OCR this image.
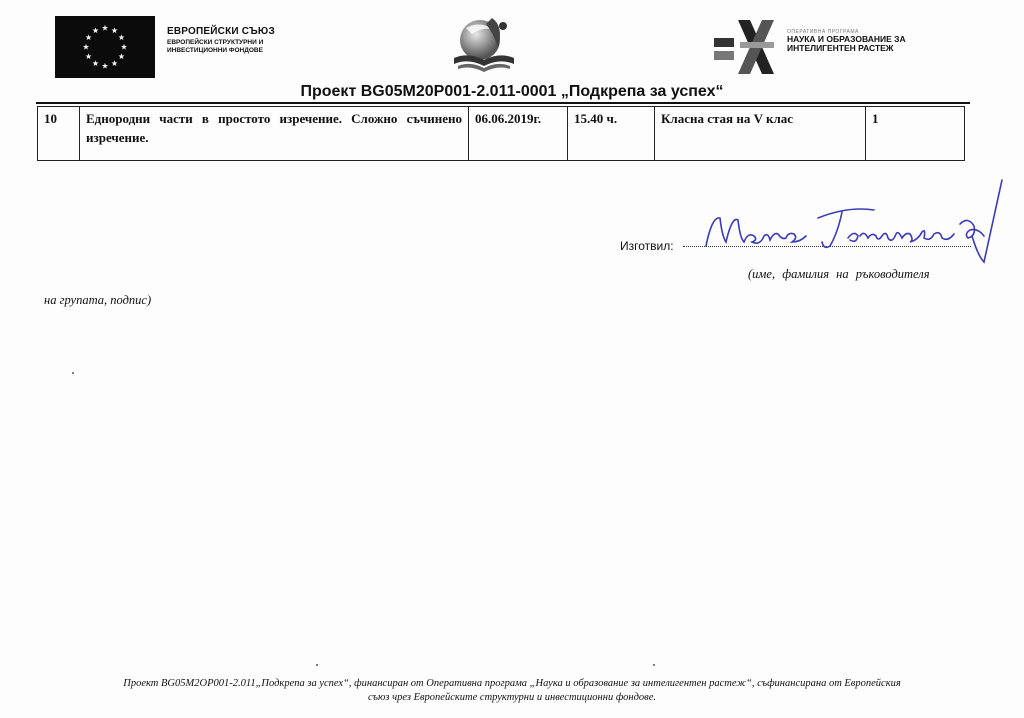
ЕВРОПЕЙСКИ СЪЮЗ
ЕВРОПЕЙСКИ СТРУКТУРНИ И
ИНВЕСТИЦИОННИ ФОНДОВЕ
ОПЕРАТИВНА ПРОГРАМА
НАУКА И ОБРАЗОВАНИЕ ЗА
ИНТЕЛИГЕНТЕН РАСТЕЖ
Проект BG05M20P001-2.011-0001 „Подкрепа за успех“
10	Еднородни части в простото изречение. Сложно съчинено изречение.	06.06.2019г.	15.40 ч.	Класна стая на V клас	1
Изготвил:
(име, фамилия на ръководителя
на групата, подпис)
Проект BG05M2OP001-2.011„Подкрепа за успех“, финансиран от Оперативна програма „Наука и образование за интелигентен растеж“, съфинансирана от Европейския
съюз чрез Европейските структурни и инвестиционни фондове.
